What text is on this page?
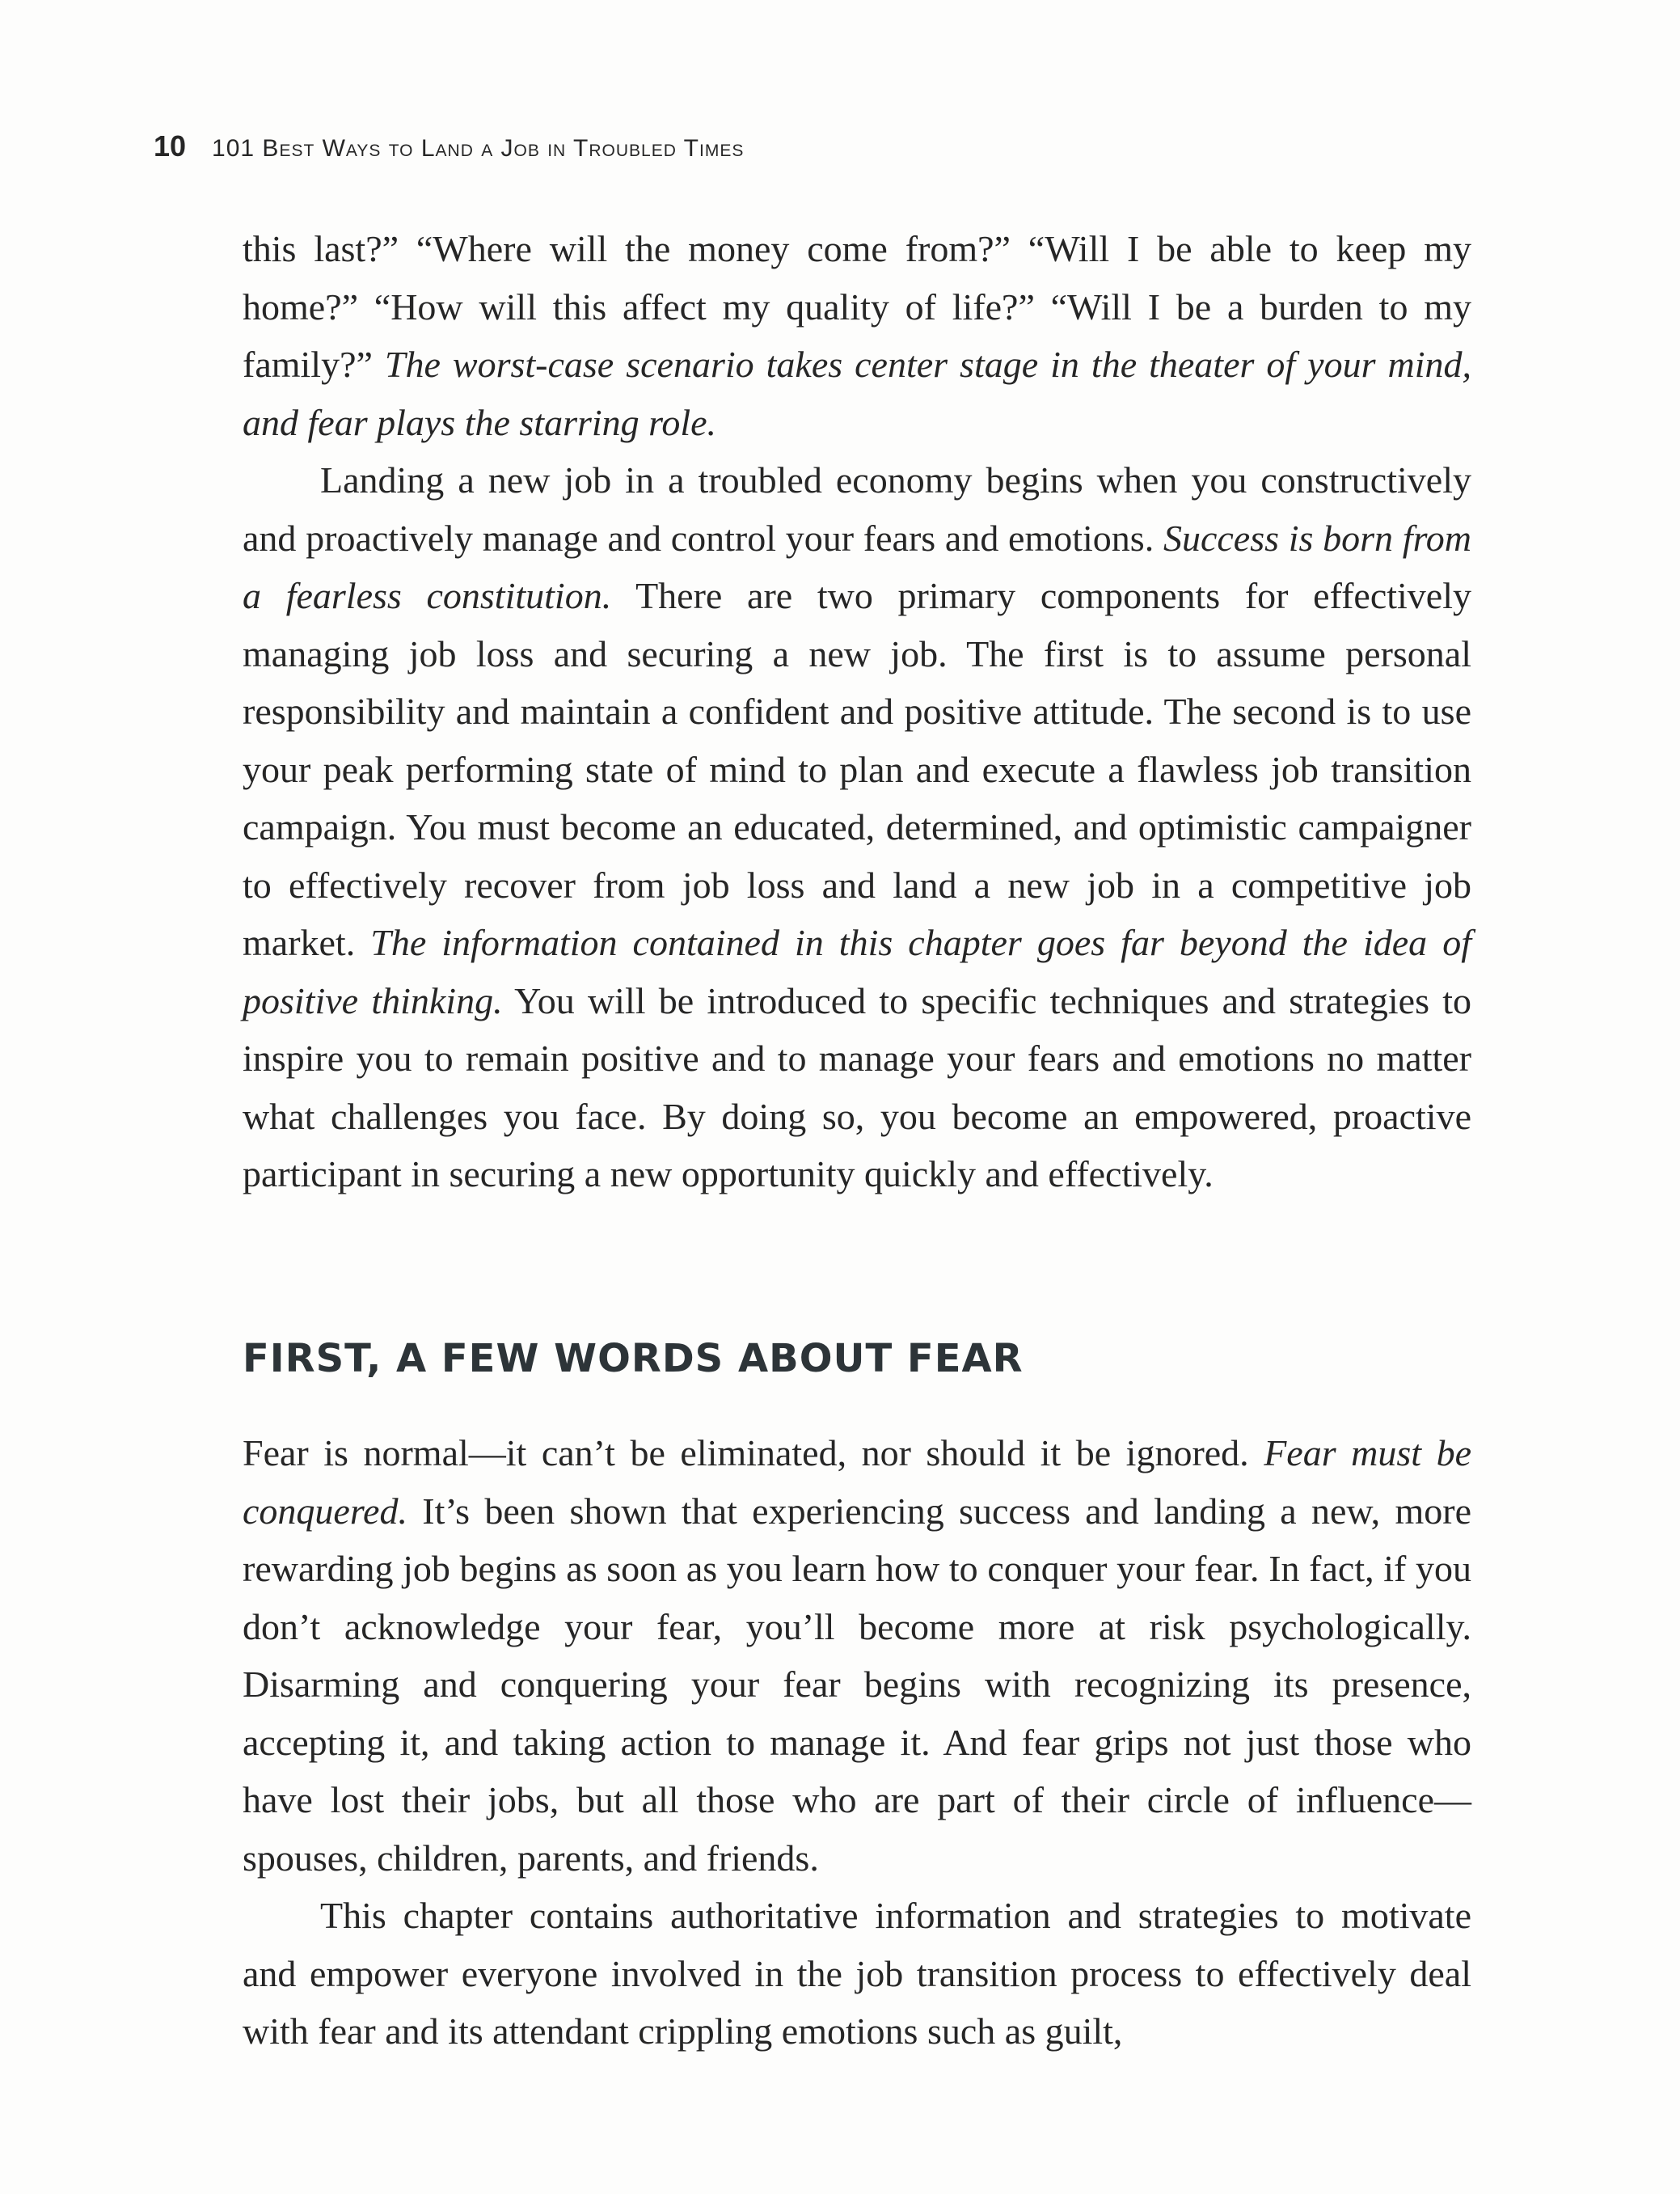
10 101 Best Ways to Land a Job in Troubled Times

this last?” “Where will the money come from?” “Will I be able to keep my home?” “How will this affect my quality of life?” “Will I be a burden to my family?” The worst-case scenario takes center stage in the theater of your mind, and fear plays the starring role.

Landing a new job in a troubled economy begins when you constructively and proactively manage and control your fears and emotions. Success is born from a fearless constitution. There are two primary components for effectively managing job loss and securing a new job. The first is to assume personal responsibility and maintain a confident and positive attitude. The second is to use your peak performing state of mind to plan and execute a flawless job transition campaign. You must become an educated, determined, and optimistic campaigner to effectively recover from job loss and land a new job in a competitive job market. The information contained in this chapter goes far beyond the idea of positive thinking. You will be introduced to specific techniques and strategies to inspire you to remain positive and to manage your fears and emotions no matter what challenges you face. By doing so, you become an empowered, proactive participant in securing a new opportunity quickly and effectively.

FIRST, A FEW WORDS ABOUT FEAR

Fear is normal—it can’t be eliminated, nor should it be ignored. Fear must be conquered. It’s been shown that experiencing success and landing a new, more rewarding job begins as soon as you learn how to conquer your fear. In fact, if you don’t acknowledge your fear, you’ll become more at risk psychologically. Disarming and conquering your fear begins with recognizing its presence, accepting it, and taking action to manage it. And fear grips not just those who have lost their jobs, but all those who are part of their circle of influence—spouses, children, parents, and friends.

This chapter contains authoritative information and strategies to motivate and empower everyone involved in the job transition process to effectively deal with fear and its attendant crippling emotions such as guilt,
